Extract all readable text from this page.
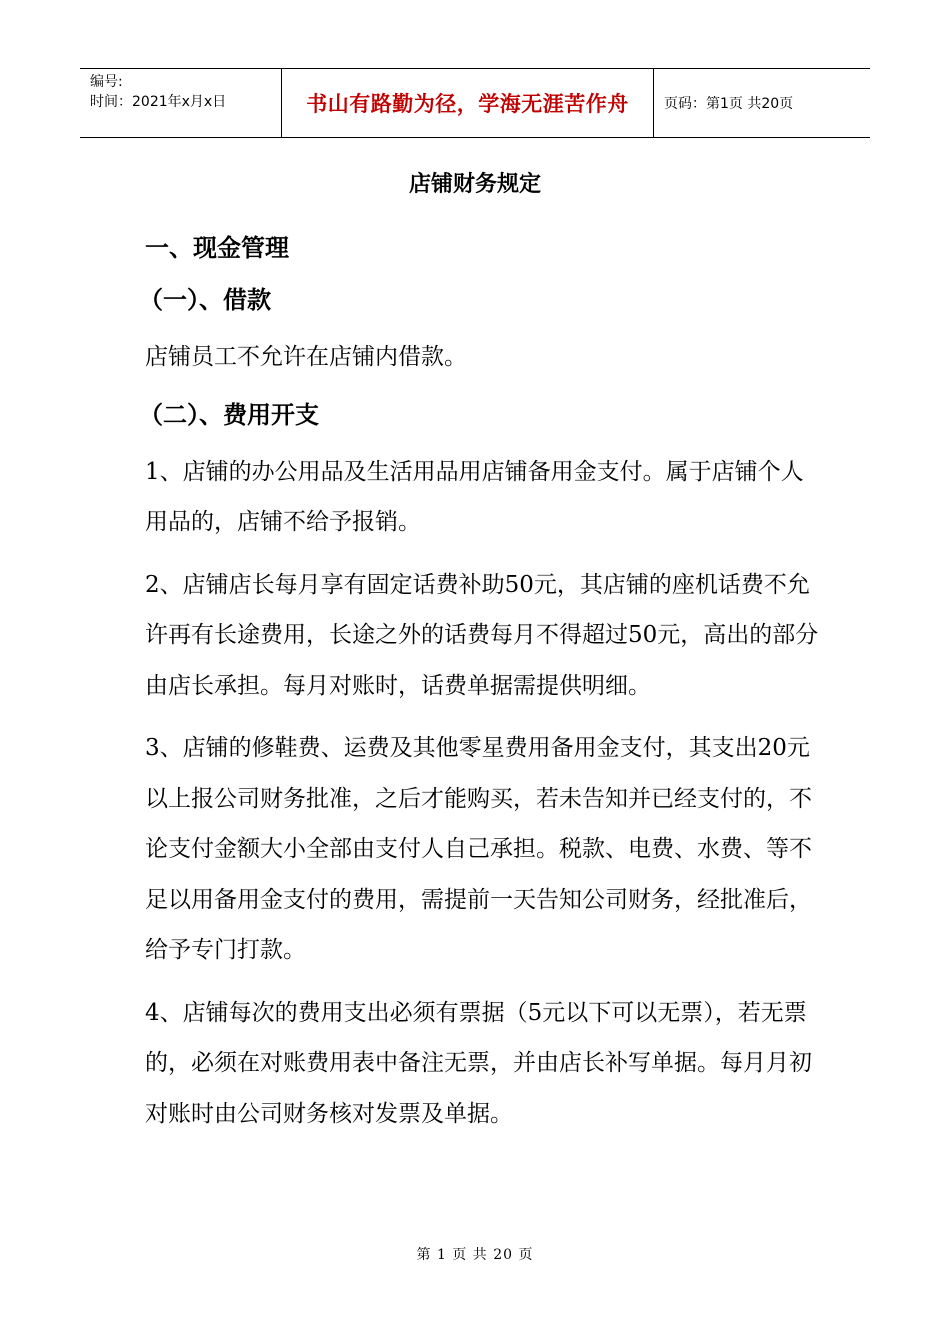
编号:
时间：2021年x月x日	书山有路勤为径，学海无涯苦作舟	页码：第1页 共20页
店铺财务规定
一、现金管理
（一）、借款
店铺员工不允许在店铺内借款。
（二）、费用开支
1、店铺的办公用品及生活用品用店铺备用金支付。属于店铺个人用品的，店铺不给予报销。
2、店铺店长每月享有固定话费补助50元，其店铺的座机话费不允许再有长途费用，长途之外的话费每月不得超过50元，高出的部分由店长承担。每月对账时，话费单据需提供明细。
3、店铺的修鞋费、运费及其他零星费用备用金支付，其支出20元以上报公司财务批准，之后才能购买，若未告知并已经支付的，不论支付金额大小全部由支付人自己承担。税款、电费、水费、等不足以用备用金支付的费用，需提前一天告知公司财务，经批准后，给予专门打款。
4、店铺每次的费用支出必须有票据（5元以下可以无票），若无票的，必须在对账费用表中备注无票，并由店长补写单据。每月月初对账时由公司财务核对发票及单据。
第 1 页 共 20 页
